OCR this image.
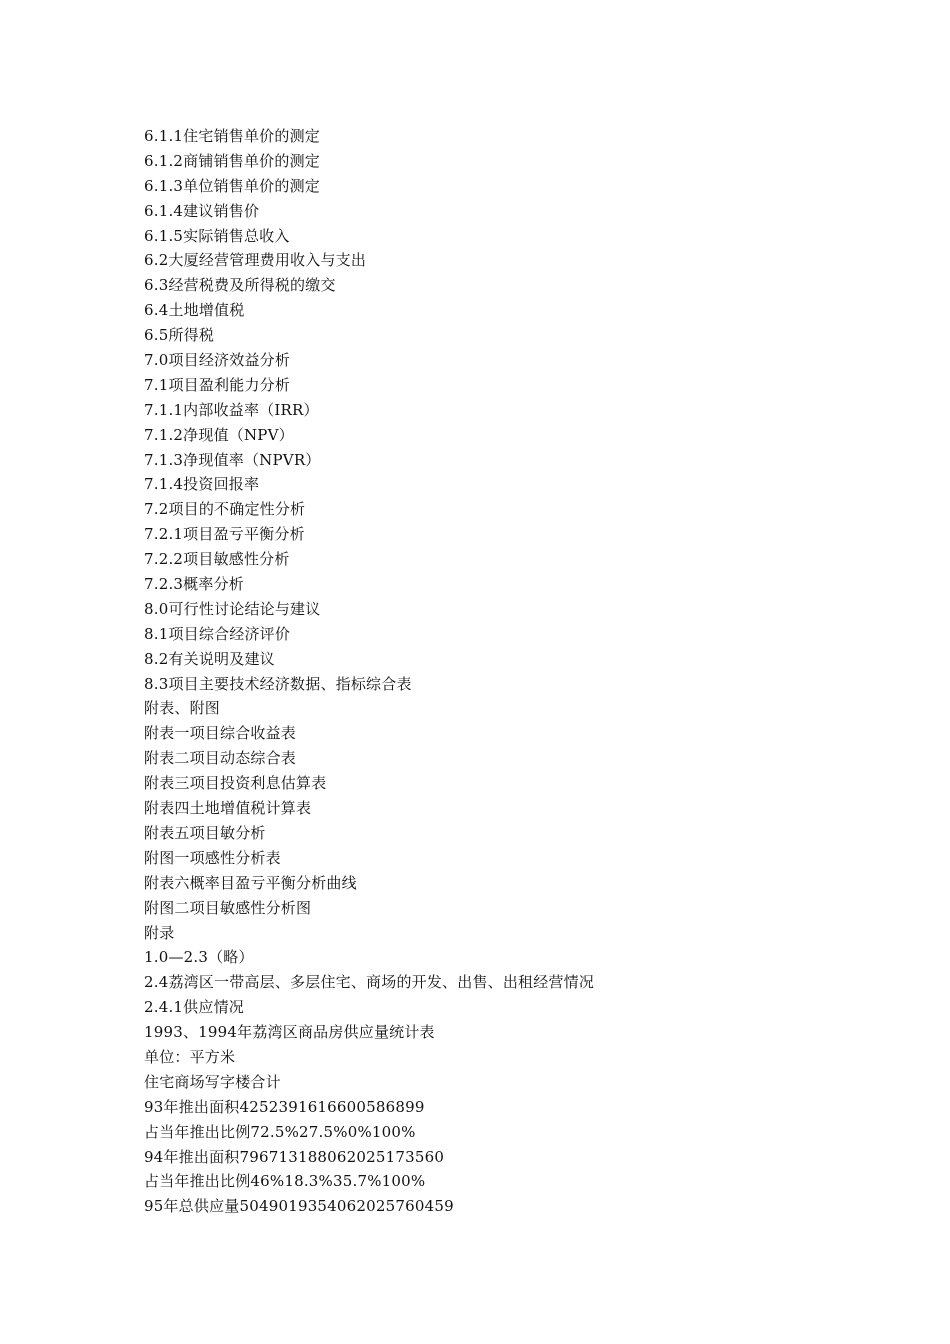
6.1.1住宅销售单价的测定
6.1.2商铺销售单价的测定
6.1.3单位销售单价的测定
6.1.4建议销售价
6.1.5实际销售总收入
6.2大厦经营管理费用收入与支出
6.3经营税费及所得税的缴交
6.4土地增值税
6.5所得税
7.0项目经济效益分析
7.1项目盈利能力分析
7.1.1内部收益率（IRR）
7.1.2净现值（NPV）
7.1.3净现值率（NPVR）
7.1.4投资回报率
7.2项目的不确定性分析
7.2.1项目盈亏平衡分析
7.2.2项目敏感性分析
7.2.3概率分析
8.0可行性讨论结论与建议
8.1项目综合经济评价
8.2有关说明及建议
8.3项目主要技术经济数据、指标综合表
附表、附图
附表一项目综合收益表
附表二项目动态综合表
附表三项目投资利息估算表
附表四土地增值税计算表
附表五项目敏分析
附图一项感性分析表
附表六概率目盈亏平衡分析曲线
附图二项目敏感性分析图
附录
1.0—2.3（略）
2.4荔湾区一带高层、多层住宅、商场的开发、出售、出租经营情况
2.4.1供应情况
1993、1994年荔湾区商品房供应量统计表
单位：平方米
住宅商场写字楼合计
93年推出面积4252391616600586899
占当年推出比例72.5%27.5%0%100%
94年推出面积7967131880620251735​60
占当年推出比例46%18.3%35.7%100%
95年总供应量5049019354062025760459
